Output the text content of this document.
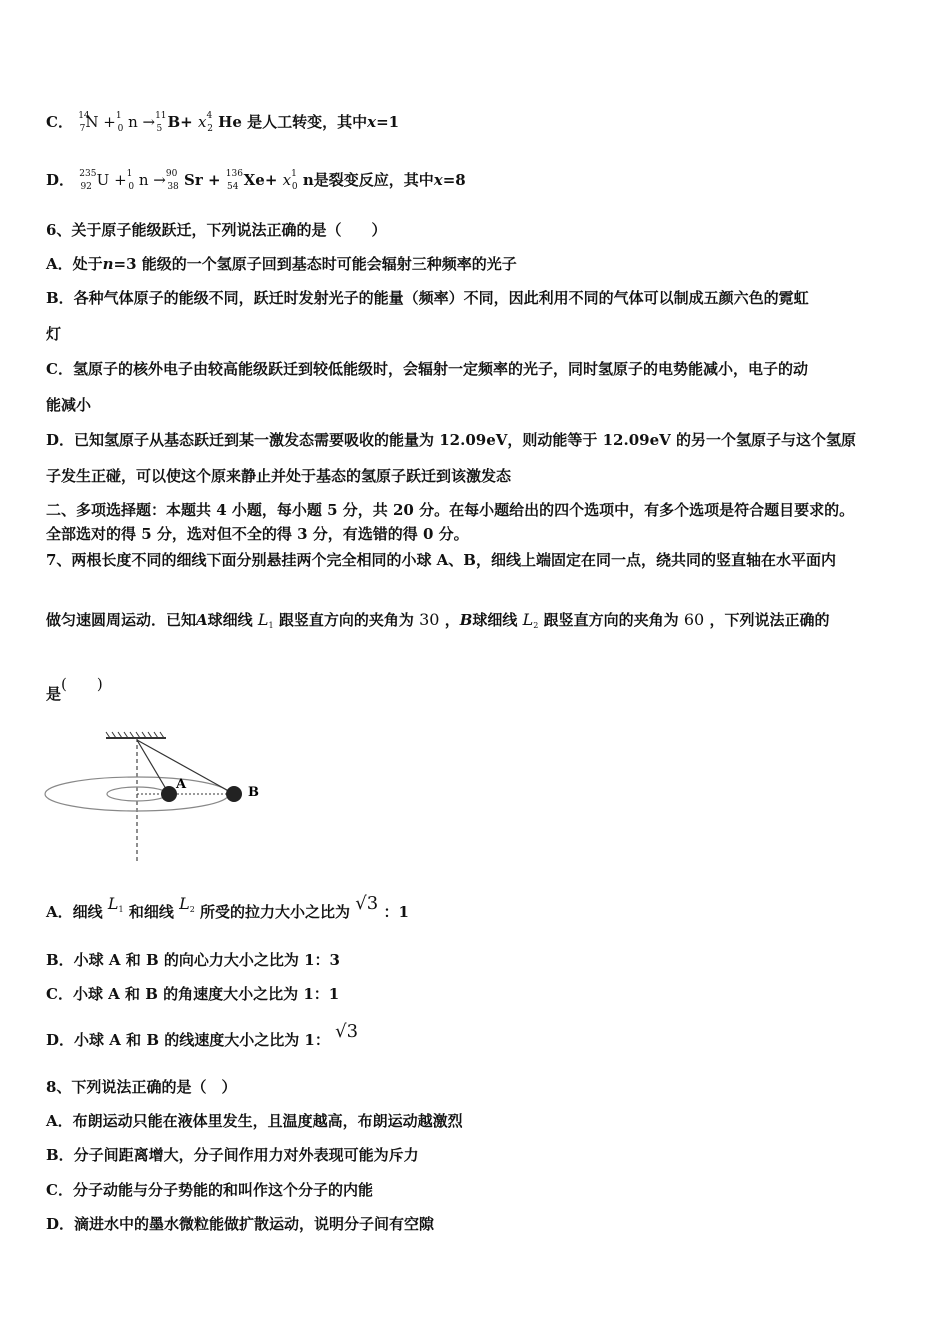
C． $^{14}_7$N +$^1_0$ n →$^{11}_5$ $B+ x^4_2$ He 是人工转变，其中x=1
D． $^{235}_{92}$ U +$^1_0$ n →$^{90}_{38}$ Sr + $^{136}_{54}$ $Xe+ x^1_0$ n是裂变反应，其中x=8
6、关于原子能级跃迁，下列说法正确的是（　　）
A．处于n=3 能级的一个氢原子回到基态时可能会辐射三种频率的光子
B．各种气体原子的能级不同，跃迁时发射光子的能量（频率）不同，因此利用不同的气体可以制成五颜六色的霓虹
灯
C．氢原子的核外电子由较高能级跃迁到较低能级时，会辐射一定频率的光子，同时氢原子的电势能减小，电子的动
能减小
D．已知氢原子从基态跃迁到某一激发态需要吸收的能量为 12.09eV，则动能等于 12.09eV 的另一个氢原子与这个氢原
子发生正碰，可以使这个原来静止并处于基态的氢原子跃迁到该激发态
二、多项选择题：本题共 4 小题，每小题 5 分，共 20 分。在每小题给出的四个选项中，有多个选项是符合题目要求的。
全部选对的得 5 分，选对但不全的得 3 分，有选错的得 0 分。
7、两根长度不同的细线下面分别悬挂两个完全相同的小球 A、B，细线上端固定在同一点，绕共同的竖直轴在水平面内
做匀速圆周运动．已知A球细线 L1 跟竖直方向的夹角为 30 ，B球细线 L2 跟竖直方向的夹角为 60 ，下列说法正确的
是(　　)
A
B
A．细线 L1 和细线 L2 所受的拉力大小之比为 √3 ：1
B．小球 A 和 B 的向心力大小之比为 1：3
C．小球 A 和 B 的角速度大小之比为 1：1
D．小球 A 和 B 的线速度大小之比为 1： √3
8、下列说法正确的是（　）
A．布朗运动只能在液体里发生，且温度越高，布朗运动越激烈
B．分子间距离增大，分子间作用力对外表现可能为斥力
C．分子动能与分子势能的和叫作这个分子的内能
D．滴进水中的墨水微粒能做扩散运动，说明分子间有空隙
